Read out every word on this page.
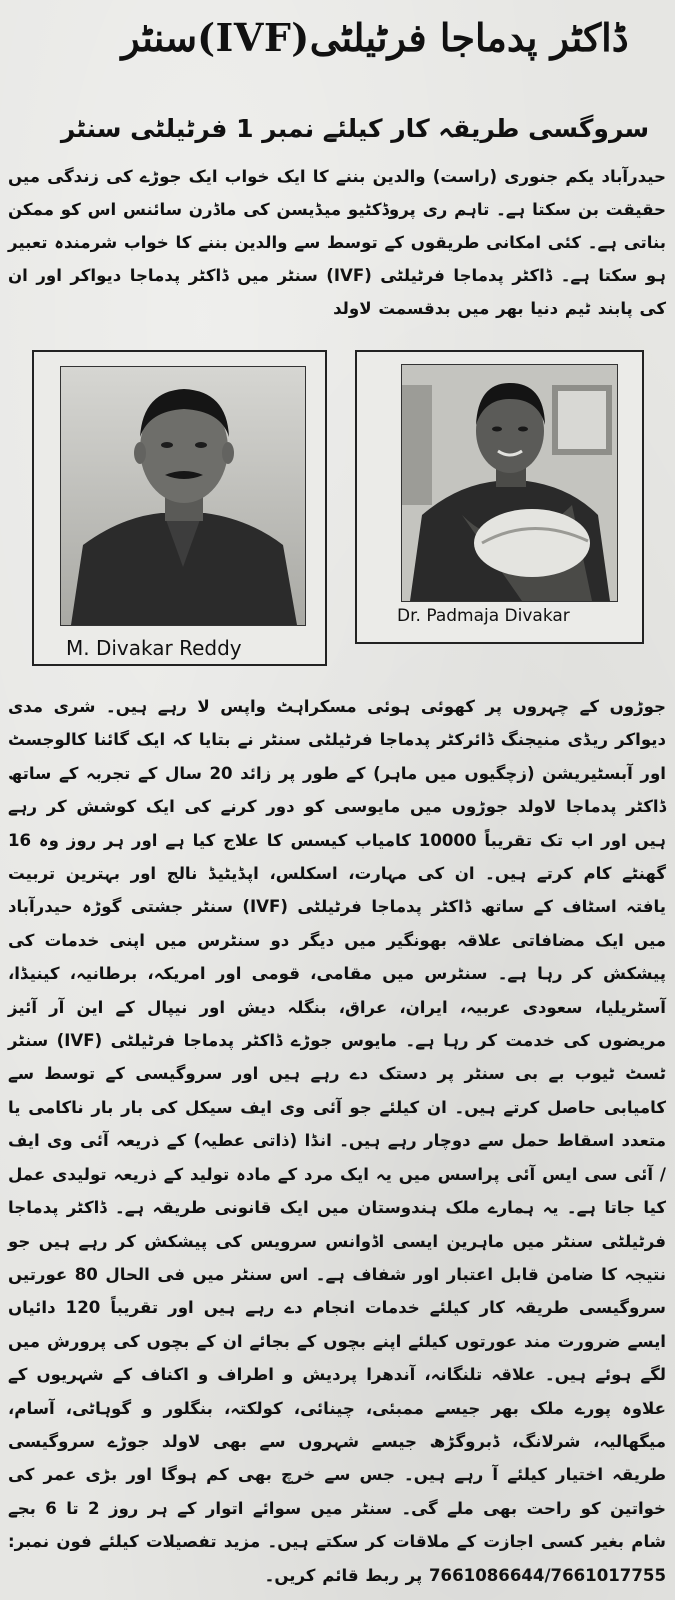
ڈاکٹر پدماجا فرٹیلٹی
(IVF)
سنٹر
سروگسی طریقہ کار کیلئے نمبر 1 فرٹیلٹی سنٹر
حیدرآباد یکم جنوری (راست) والدین بننے کا ایک خواب ایک جوڑے کی زندگی میں حقیقت بن سکتا ہے۔ تاہم ری پروڈکٹیو میڈیسن کی ماڈرن سائنس اس کو ممکن بناتی ہے۔ کئی امکانی طریقوں کے توسط سے والدین بننے کا خواب شرمندہ تعبیر ہو سکتا ہے۔ ڈاکٹر پدماجا فرٹیلٹی (IVF) سنٹر میں ڈاکٹر پدماجا دیواکر اور ان کی پابند ٹیم دنیا بھر میں بدقسمت لاولد
M. Divakar Reddy
Dr. Padmaja Divakar
جوڑوں کے چہروں پر کھوئی ہوئی مسکراہٹ واپس لا رہے ہیں۔ شری مدی دیواکر ریڈی منیجنگ ڈائرکٹر پدماجا فرٹیلٹی سنٹر نے بتایا کہ ایک گائنا کالوجسٹ اور آبسٹیریشن (زچگیوں میں ماہر) کے طور پر زائد 20 سال کے تجربہ کے ساتھ ڈاکٹر پدماجا لاولد جوڑوں میں مایوسی کو دور کرنے کی ایک کوشش کر رہے ہیں اور اب تک تقریباً 10000 کامیاب کیسس کا علاج کیا ہے اور ہر روز وہ 16 گھنٹے کام کرتے ہیں۔ ان کی مہارت، اسکلس، اپڈیٹیڈ نالج اور بہترین تربیت یافتہ اسٹاف کے ساتھ ڈاکٹر پدماجا فرٹیلٹی (IVF) سنٹر جشتی گوڑہ حیدرآباد میں ایک مضافاتی علاقہ بھونگیر میں دیگر دو سنٹرس میں اپنی خدمات کی پیشکش کر رہا ہے۔ سنٹرس میں مقامی، قومی اور امریکہ، برطانیہ، کینیڈا، آسٹریلیا، سعودی عربیہ، ایران، عراق، بنگلہ دیش اور نیپال کے این آر آئیز مریضوں کی خدمت کر رہا ہے۔ مایوس جوڑے ڈاکٹر پدماجا فرٹیلٹی (IVF) سنٹر ٹسٹ ٹیوب بے بی سنٹر پر دستک دے رہے ہیں اور سروگیسی کے توسط سے کامیابی حاصل کرتے ہیں۔ ان کیلئے جو آئی وی ایف سیکل کی بار بار ناکامی یا متعدد اسقاط حمل سے دوچار رہے ہیں۔ انڈا (ذاتی عطیہ) کے ذریعہ آئی وی ایف / آئی سی ایس آئی پراسس میں یہ ایک مرد کے مادہ تولید کے ذریعہ تولیدی عمل کیا جاتا ہے۔ یہ ہمارے ملک ہندوستان میں ایک قانونی طریقہ ہے۔ ڈاکٹر پدماجا فرٹیلٹی سنٹر میں ماہرین ایسی اڈوانس سرویس کی پیشکش کر رہے ہیں جو نتیجہ کا ضامن قابل اعتبار اور شفاف ہے۔ اس سنٹر میں فی الحال 80 عورتیں سروگیسی طریقہ کار کیلئے خدمات انجام دے رہے ہیں اور تقریباً 120 دائیاں ایسے ضرورت مند عورتوں کیلئے اپنے بچوں کے بجائے ان کے بچوں کی پرورش میں لگے ہوئے ہیں۔ علاقہ تلنگانہ، آندھرا پردیش و اطراف و اکناف کے شہریوں کے علاوہ پورے ملک بھر جیسے ممبئی، چینائی، کولکتہ، بنگلور و گوہاٹی، آسام، میگھالیہ، شرلانگ، ڈبروگڑھ جیسے شہروں سے بھی لاولد جوڑے سروگیسی طریقہ اختیار کیلئے آ رہے ہیں۔ جس سے خرچ بھی کم ہوگا اور بڑی عمر کی خواتین کو راحت بھی ملے گی۔ سنٹر میں سوائے اتوار کے ہر روز 2 تا 6 بجے شام بغیر کسی اجازت کے ملاقات کر سکتے ہیں۔ مزید تفصیلات کیلئے فون نمبر: 7661086644/7661017755 پر ربط قائم کریں۔
